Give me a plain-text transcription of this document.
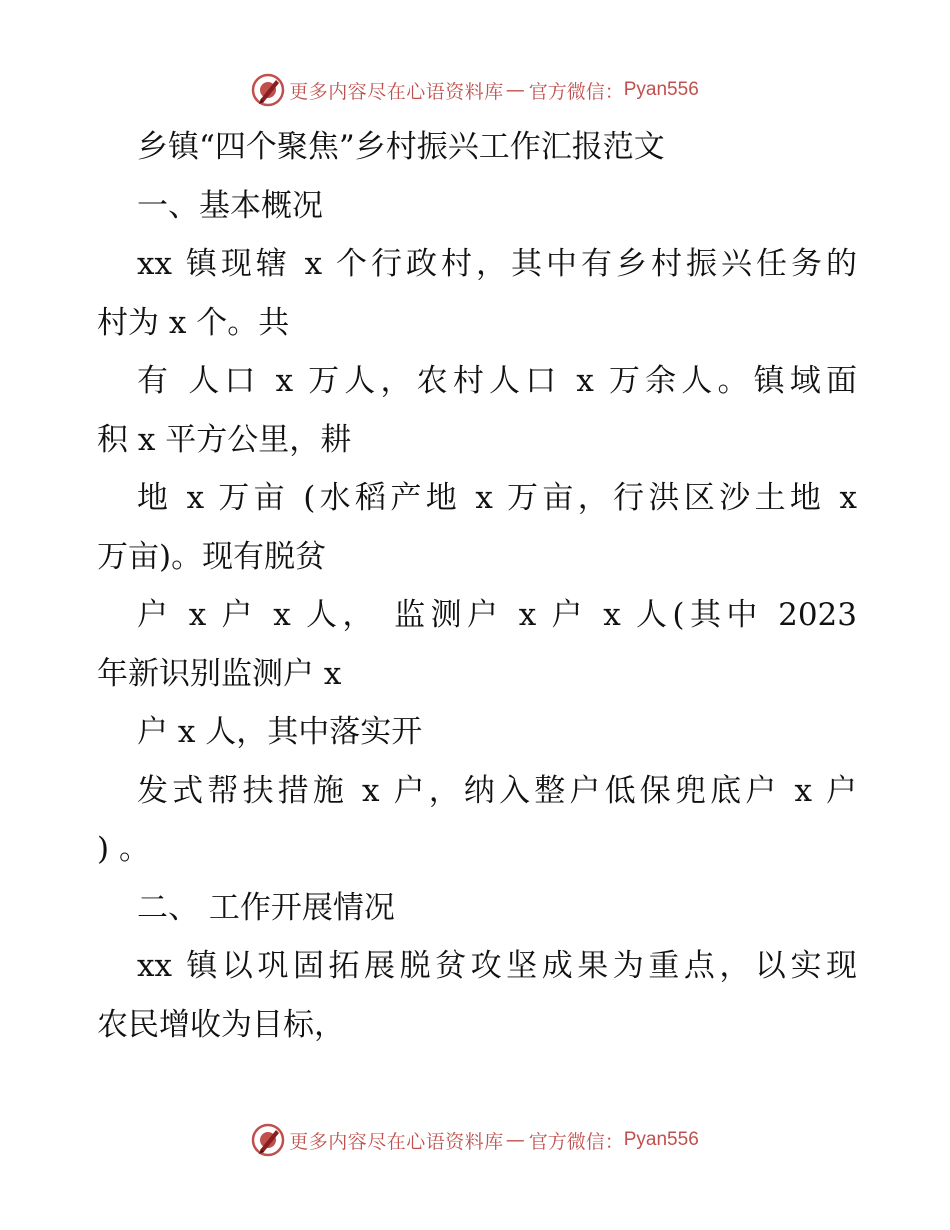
更多内容尽在心语资料库 — 官方微信： Pyan556
乡镇“四个聚焦”乡村振兴工作汇报范文
一、基本概况
xx 镇现辖 x 个行政村，其中有乡村振兴任务的
村为 x 个。共
有 人口 x 万人，农村人口 x 万余人。镇域面
积 x 平方公里，耕
地 x 万亩 (水稻产地 x 万亩，行洪区沙土地 x
万亩)。现有脱贫
户 x 户 x 人， 监测户 x 户 x 人(其中 2023
年新识别监测户 x
户 x 人，其中落实开
发式帮扶措施 x 户，纳入整户低保兜底户 x 户
) 。
二、 工作开展情况
xx 镇以巩固拓展脱贫攻坚成果为重点，以实现
农民增收为目标，
更多内容尽在心语资料库 — 官方微信： Pyan556
